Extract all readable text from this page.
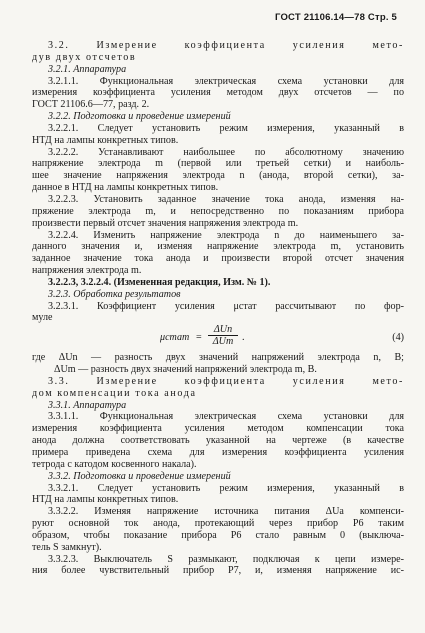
ГОСТ 21106.14—78 Стр. 5
3.2. Измерение коэффициента усиления мето-
дув двух отсчетов
3.2.1. Аппаратура
3.2.1.1. Функциональная электрическая схема установки для
измерения коэффициента усиления методом двух отсчетов — по
ГОСТ 21106.6—77, разд. 2.
3.2.2. Подготовка и проведение измерений
3.2.2.1. Следует установить режим измерения, указанный в
НТД на лампы конкретных типов.
3.2.2.2. Устанавливают наибольшее по абсолютному значению
напряжение электрода m (первой или третьей сетки) и наиболь-
шее значение напряжения электрода n (анода, второй сетки), за-
данное в НТД на лампы конкретных типов.
3.2.2.3. Установить заданное значение тока анода, изменяя на-
пряжение электрода m, и непосредственно по показаниям прибора
произвести первый отсчет значения напряжения электрода m.
3.2.2.4. Изменить напряжение электрода n до наименьшего за-
данного значения и, изменяя напряжение электрода m, установить
заданное значение тока анода и произвести второй отсчет значения
напряжения электрода m.
3.2.2.3, 3.2.2.4. (Измененная редакция, Изм. № 1).
3.2.3. Обработка результатов
3.2.3.1. Коэффициент усиления μстат рассчитывают по фор-
муле
μстат =
ΔUn
ΔUm .	(4)
где ΔUn — разность двух значений напряжений электрода n, В;
ΔUm — разность двух значений напряжений электрода m, В.
3.3. Измерение коэффициента усиления мето-
дом компенсации тока анода
3.3.1. Аппаратура
3.3.1.1. Функциональная электрическая схема установки для
измерения коэффициента усиления методом компенсации тока
анода должна соответствовать указанной на чертеже (в качестве
примера приведена схема для измерения коэффициента усиления
тетрода с катодом косвенного накала).
3.3.2. Подготовка и проведение измерений
3.3.2.1. Следует установить режим измерения, указанный в
НТД на лампы конкретных типов.
3.3.2.2. Изменяя напряжение источника питания ΔUа компенси-
руют основной ток анода, протекающий через прибор Р6 таким
образом, чтобы показание прибора Р6 стало равным 0 (выключа-
тель S замкнут).
3.3.2.3. Выключатель S размыкают, подключая к цепи измере-
ния более чувствительный прибор Р7, и, изменяя напряжение ис-
